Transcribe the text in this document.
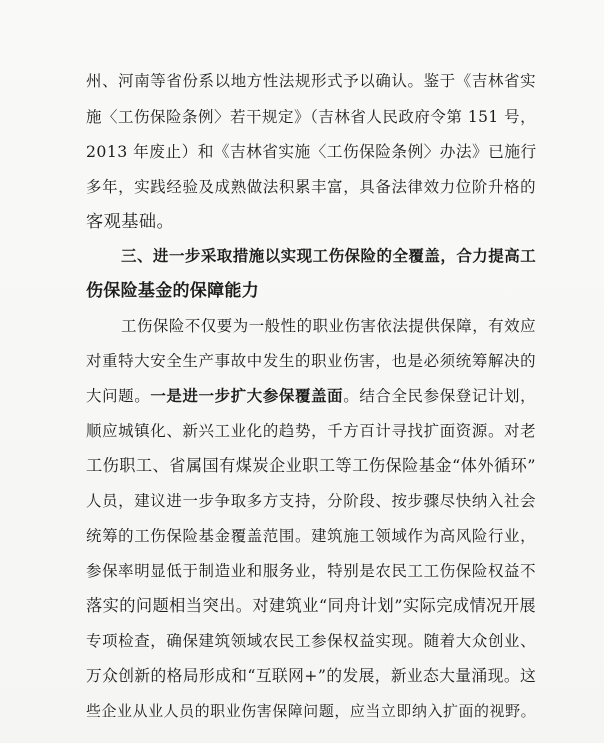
州、河南等省份系以地方性法规形式予以确认。鉴于《吉林省实
施〈工伤保险条例〉若干规定》（吉林省人民政府令第 151 号，
2013 年废止）和《吉林省实施〈工伤保险条例〉办法》已施行
多年，实践经验及成熟做法积累丰富，具备法律效力位阶升格的
客观基础。
三、进一步采取措施以实现工伤保险的全覆盖，合力提高工
伤保险基金的保障能力
工伤保险不仅要为一般性的职业伤害依法提供保障，有效应
对重特大安全生产事故中发生的职业伤害，也是必须统筹解决的
大问题。一是进一步扩大参保覆盖面。结合全民参保登记计划，
顺应城镇化、新兴工业化的趋势，千方百计寻找扩面资源。对老
工伤职工、省属国有煤炭企业职工等工伤保险基金“体外循环”
人员，建议进一步争取多方支持，分阶段、按步骤尽快纳入社会
统筹的工伤保险基金覆盖范围。建筑施工领域作为高风险行业，
参保率明显低于制造业和服务业，特别是农民工工伤保险权益不
落实的问题相当突出。对建筑业“同舟计划”实际完成情况开展
专项检查，确保建筑领域农民工参保权益实现。随着大众创业、
万众创新的格局形成和“互联网+”的发展，新业态大量涌现。这
些企业从业人员的职业伤害保障问题，应当立即纳入扩面的视野。
